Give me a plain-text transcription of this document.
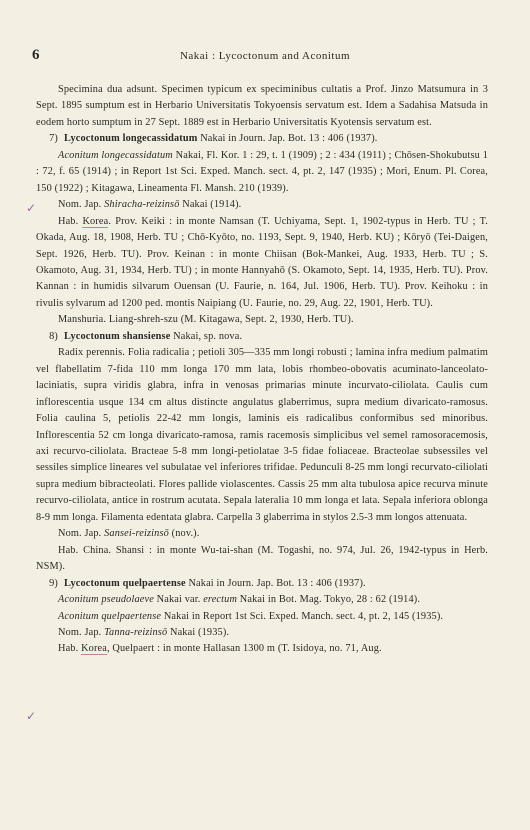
6	Nakai : Lycoctonum and Aconitum
✓
✓

Specimina dua adsunt. Specimen typicum ex speciminibus cultatis a Prof. Jinzo Matsumura in 3 Sept. 1895 sumptum est in Herbario Universitatis Tokyoensis servatum est. Idem a Sadahisa Matsuda in eodem horto sumptum in 27 Sept. 1889 est in Herbario Universitatis Kyotensis servatum est.

7) Lycoctonum longecassidatum Nakai in Journ. Jap. Bot. 13 : 406 (1937).

Aconitum longecassidatum Nakai, Fl. Kor. 1 : 29, t. 1 (1909) ; 2 : 434 (1911) ; Chōsen-Shokubutsu 1 : 72, f. 65 (1914) ; in Report 1st Sci. Exped. Manch. sect. 4, pt. 2, 147 (1935) ; Mori, Enum. Pl. Corea, 150 (1922) ; Kitagawa, Lineamenta Fl. Mansh. 210 (1939).

Nom. Jap. Shiracha-reizinsō Nakai (1914).

Hab. Korea. Prov. Keiki : in monte Namsan (T. Uchiyama, Sept. 1, 1902-typus in Herb. TU ; T. Okada, Aug. 18, 1908, Herb. TU ; Chō-Kyōto, no. 1193, Sept. 9, 1940, Herb. KU) ; Kōryō (Tei-Daigen, Sept. 1926, Herb. TU). Prov. Keinan : in monte Chiisan (Bok-Mankei, Aug. 1933, Herb. TU ; S. Okamoto, Aug. 31, 1934, Herb. TU) ; in monte Hannyahō (S. Okamoto, Sept. 14, 1935, Herb. TU). Prov. Kannan : in humidis silvarum Ouensan (U. Faurie, n. 164, Jul. 1906, Herb. TU). Prov. Keihoku : in rivulis sylvarum ad 1200 ped. montis Naipiang (U. Faurie, no. 29, Aug. 22, 1901, Herb. TU).

Manshuria. Liang-shreh-szu (M. Kitagawa, Sept. 2, 1930, Herb. TU).

8) Lycoctonum shansiense Nakai, sp. nova.

Radix perennis. Folia radicalia ; petioli 305—335 mm longi robusti ; lamina infra medium palmatim vel flabellatim 7-fida 110 mm longa 170 mm lata, lobis rhombeo-obovatis acuminato-lanceolato-laciniatis, supra viridis glabra, infra in venosas primarias minute incurvato-ciliolata. Caulis cum inflorescentia usque 134 cm altus distincte angulatus glaberrimus, supra medium divaricato-ramosus. Folia caulina 5, petiolis 22-42 mm longis, laminis eis radicalibus conformibus sed minoribus. Inflorescentia 52 cm longa divaricato-ramosa, ramis racemosis simplicibus vel semel ramosoracemosis, axi recurvo-ciliolata. Bracteae 5-8 mm longi-petiolatae 3-5 fidae foliaceae. Bracteolae subsessiles vel sessiles simplice lineares vel subulatae vel inferiores trifidae. Pedunculi 8-25 mm longi recurvato-ciliolati supra medium bibracteolati. Flores pallide violascentes. Cassis 25 mm alta tubulosa apice recurva minute recurvo-ciliolata, antice in rostrum acutata. Sepala lateralia 10 mm longa et lata. Sepala inferiora oblonga 8-9 mm longa. Filamenta edentata glabra. Carpella 3 glaberrima in stylos 2.5-3 mm longos attenuata.

Nom. Jap. Sansei-reizinsō (nov.).

Hab. China. Shansi : in monte Wu-tai-shan (M. Togashi, no. 974, Jul. 26, 1942-typus in Herb. NSM).

9) Lycoctonum quelpaertense Nakai in Journ. Jap. Bot. 13 : 406 (1937).

Aconitum pseudolaeve Nakai var. erectum Nakai in Bot. Mag. Tokyo, 28 : 62 (1914).

Aconitum quelpaertense Nakai in Report 1st Sci. Exped. Manch. sect. 4, pt. 2, 145 (1935).

Nom. Jap. Tanna-reizinsō Nakai (1935).

Hab. Korea, Quelpaert : in monte Hallasan 1300 m (T. Isidoya, no. 71, Aug.
